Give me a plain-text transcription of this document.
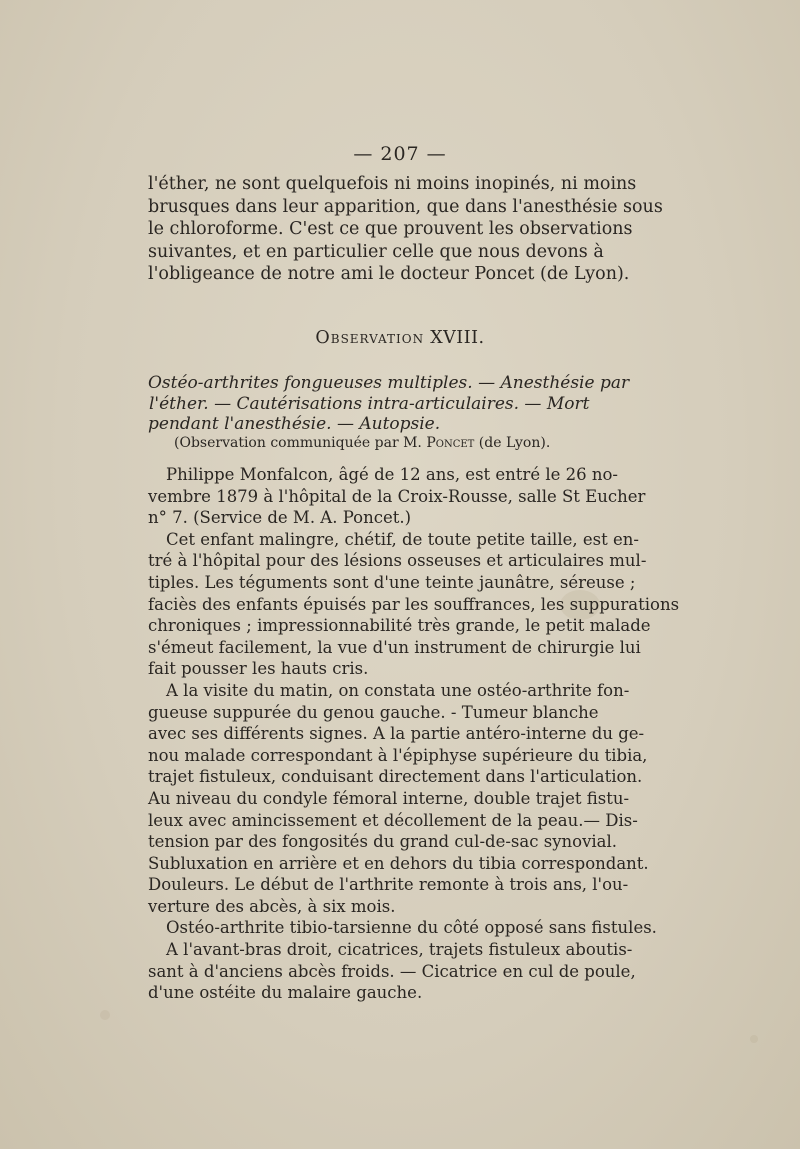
— 207 —
l'éther, ne sont quelquefois ni moins inopinés, ni moins
brusques dans leur apparition, que dans l'anesthésie sous
le chloroforme. C'est ce que prouvent les observations
suivantes, et en particulier celle que nous devons à
l'obligeance de notre ami le docteur Poncet (de Lyon).
Observation XVIII.
Ostéo-arthrites fongueuses multiples. — Anesthésie par
l'éther. — Cautérisations intra-articulaires. — Mort
pendant l'anesthésie. — Autopsie.
(Observation communiquée par M. Poncet (de Lyon).
Philippe Monfalcon, âgé de 12 ans, est entré le 26 no-
vembre 1879 à l'hôpital de la Croix-Rousse, salle St Eucher
n° 7. (Service de M. A. Poncet.)
Cet enfant malingre, chétif, de toute petite taille, est en-
tré à l'hôpital pour des lésions osseuses et articulaires mul-
tiples. Les téguments sont d'une teinte jaunâtre, séreuse ;
faciès des enfants épuisés par les souffrances, les suppurations
chroniques ; impressionnabilité très grande, le petit malade
s'émeut facilement, la vue d'un instrument de chirurgie lui
fait pousser les hauts cris.
A la visite du matin, on constata une ostéo-arthrite fon-
gueuse suppurée du genou gauche. - Tumeur blanche
avec ses différents signes. A la partie antéro-interne du ge-
nou malade correspondant à l'épiphyse supérieure du tibia,
trajet fistuleux, conduisant directement dans l'articulation.
Au niveau du condyle fémoral interne, double trajet fistu-
leux avec amincissement et décollement de la peau.— Dis-
tension par des fongosités du grand cul-de-sac synovial.
Subluxation en arrière et en dehors du tibia correspondant.
Douleurs. Le début de l'arthrite remonte à trois ans, l'ou-
verture des abcès, à six mois.
Ostéo-arthrite tibio-tarsienne du côté opposé sans fistules.
A l'avant-bras droit, cicatrices, trajets fistuleux aboutis-
sant à d'anciens abcès froids. — Cicatrice en cul de poule,
d'une ostéite du malaire gauche.
